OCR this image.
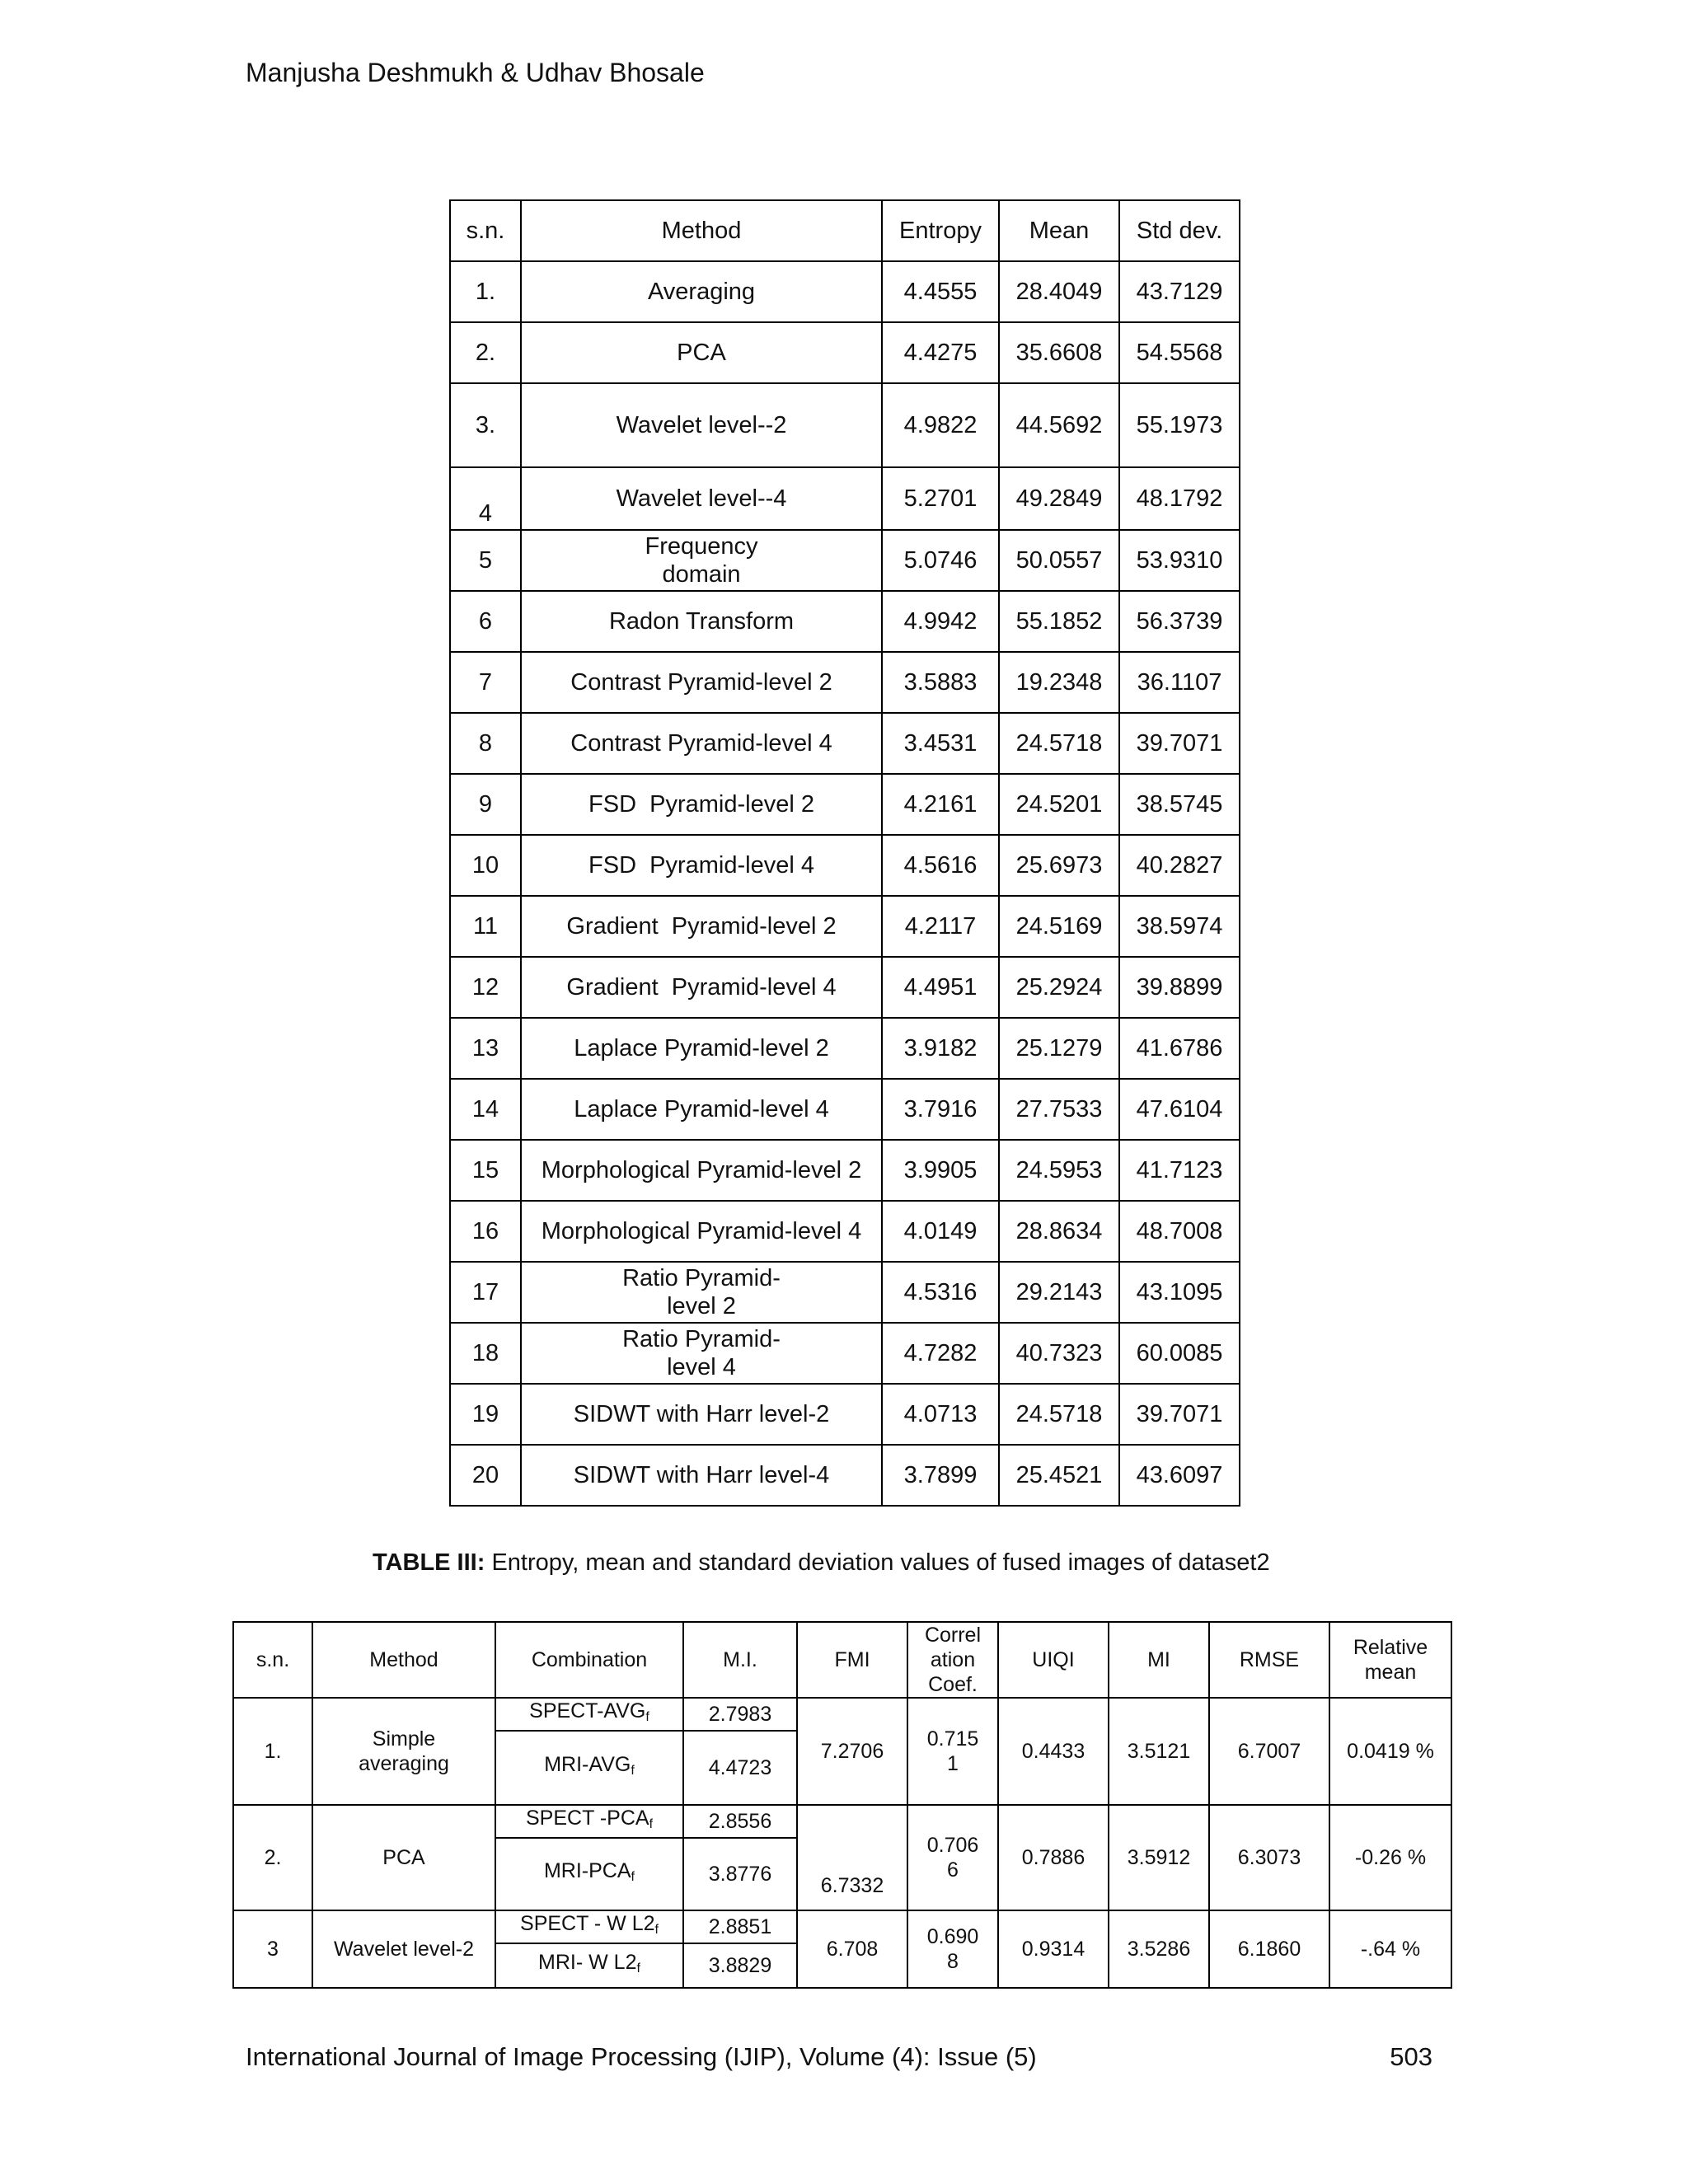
Manjusha Deshmukh & Udhav Bhosale
s.n.	Method	Entropy	Mean	Std dev.
1.	Averaging	4.4555	28.4049	43.7129
2.	PCA	4.4275	35.6608	54.5568
3.	Wavelet level--2	4.9822	44.5692	55.1973
4	Wavelet level--4	5.2701	49.2849	48.1792
5	Frequency domain	5.0746	50.0557	53.9310
6	Radon Transform	4.9942	55.1852	56.3739
7	Contrast Pyramid-level 2	3.5883	19.2348	36.1107
8	Contrast Pyramid-level 4	3.4531	24.5718	39.7071
9	FSD  Pyramid-level 2	4.2161	24.5201	38.5745
10	FSD  Pyramid-level 4	4.5616	25.6973	40.2827
11	Gradient  Pyramid-level 2	4.2117	24.5169	38.5974
12	Gradient  Pyramid-level 4	4.4951	25.2924	39.8899
13	Laplace Pyramid-level 2	3.9182	25.1279	41.6786
14	Laplace Pyramid-level 4	3.7916	27.7533	47.6104
15	Morphological Pyramid-level 2	3.9905	24.5953	41.7123
16	Morphological Pyramid-level 4	4.0149	28.8634	48.7008
17	Ratio Pyramid-level 2	4.5316	29.2143	43.1095
18	Ratio Pyramid-level 4	4.7282	40.7323	60.0085
19	SIDWT with Harr level-2	4.0713	24.5718	39.7071
20	SIDWT with Harr level-4	3.7899	25.4521	43.6097
TABLE III: Entropy, mean and standard deviation values of fused images of dataset2
s.n.	Method	Combination	M.I.	FMI	Correl ation Coef.	UIQI	MI	RMSE	Relative mean
1.	Simple averaging	SPECT-$AVG_f$	2.7983	7.2706	0.715 1	0.4433	3.5121	6.7007	0.0419 %
		MRI-$AVG_f$	4.4723						
2.	PCA	SPECT $-PCA_f$	2.8556	6.7332	0.706 6	0.7886	3.5912	6.3073	-0.26 %
		MRI-$PCA_f$	3.8776						
3	Wavelet level-2	SPECT - W $L2_f$	2.8851	6.708	0.690 8	0.9314	3.5286	6.1860	-.64 %
		MRI- W $L2_f$	3.8829						
International Journal of Image Processing (IJIP), Volume (4): Issue (5)	503
